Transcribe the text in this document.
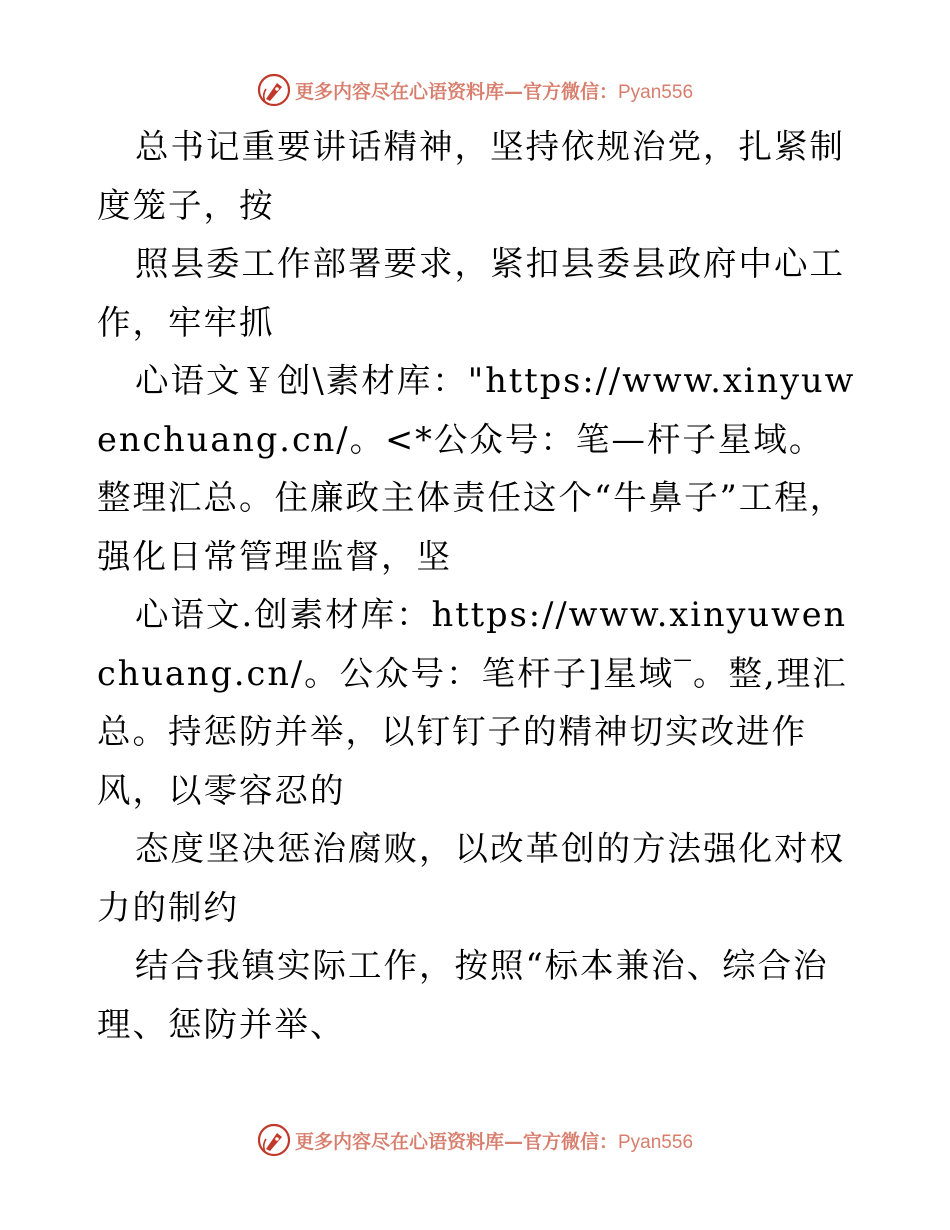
更多内容尽在心语资料库—官方微信：Pyan556

总书记重要讲话精神，坚持依规治党，扎紧制度笼子，按

照县委工作部署要求，紧扣县委县政府中心工作，牢牢抓

心语文￥创\素材库："https://www.xinyuwenchuang.cn/。<*公众号：笔—杆子星域。整理汇总。住廉政主体责任这个“牛鼻子”工程，强化日常管理监督，坚

心语文.创素材库：https://www.xinyuwenchuang.cn/。公众号：笔杆子]星域‾。整,理汇总。持惩防并举，以钉钉子的精神切实改进作风，以零容忍的

态度坚决惩治腐败，以改革创的方法强化对权力的制约

结合我镇实际工作，按照“标本兼治、综合治理、惩防并举、

更多内容尽在心语资料库—官方微信：Pyan556
